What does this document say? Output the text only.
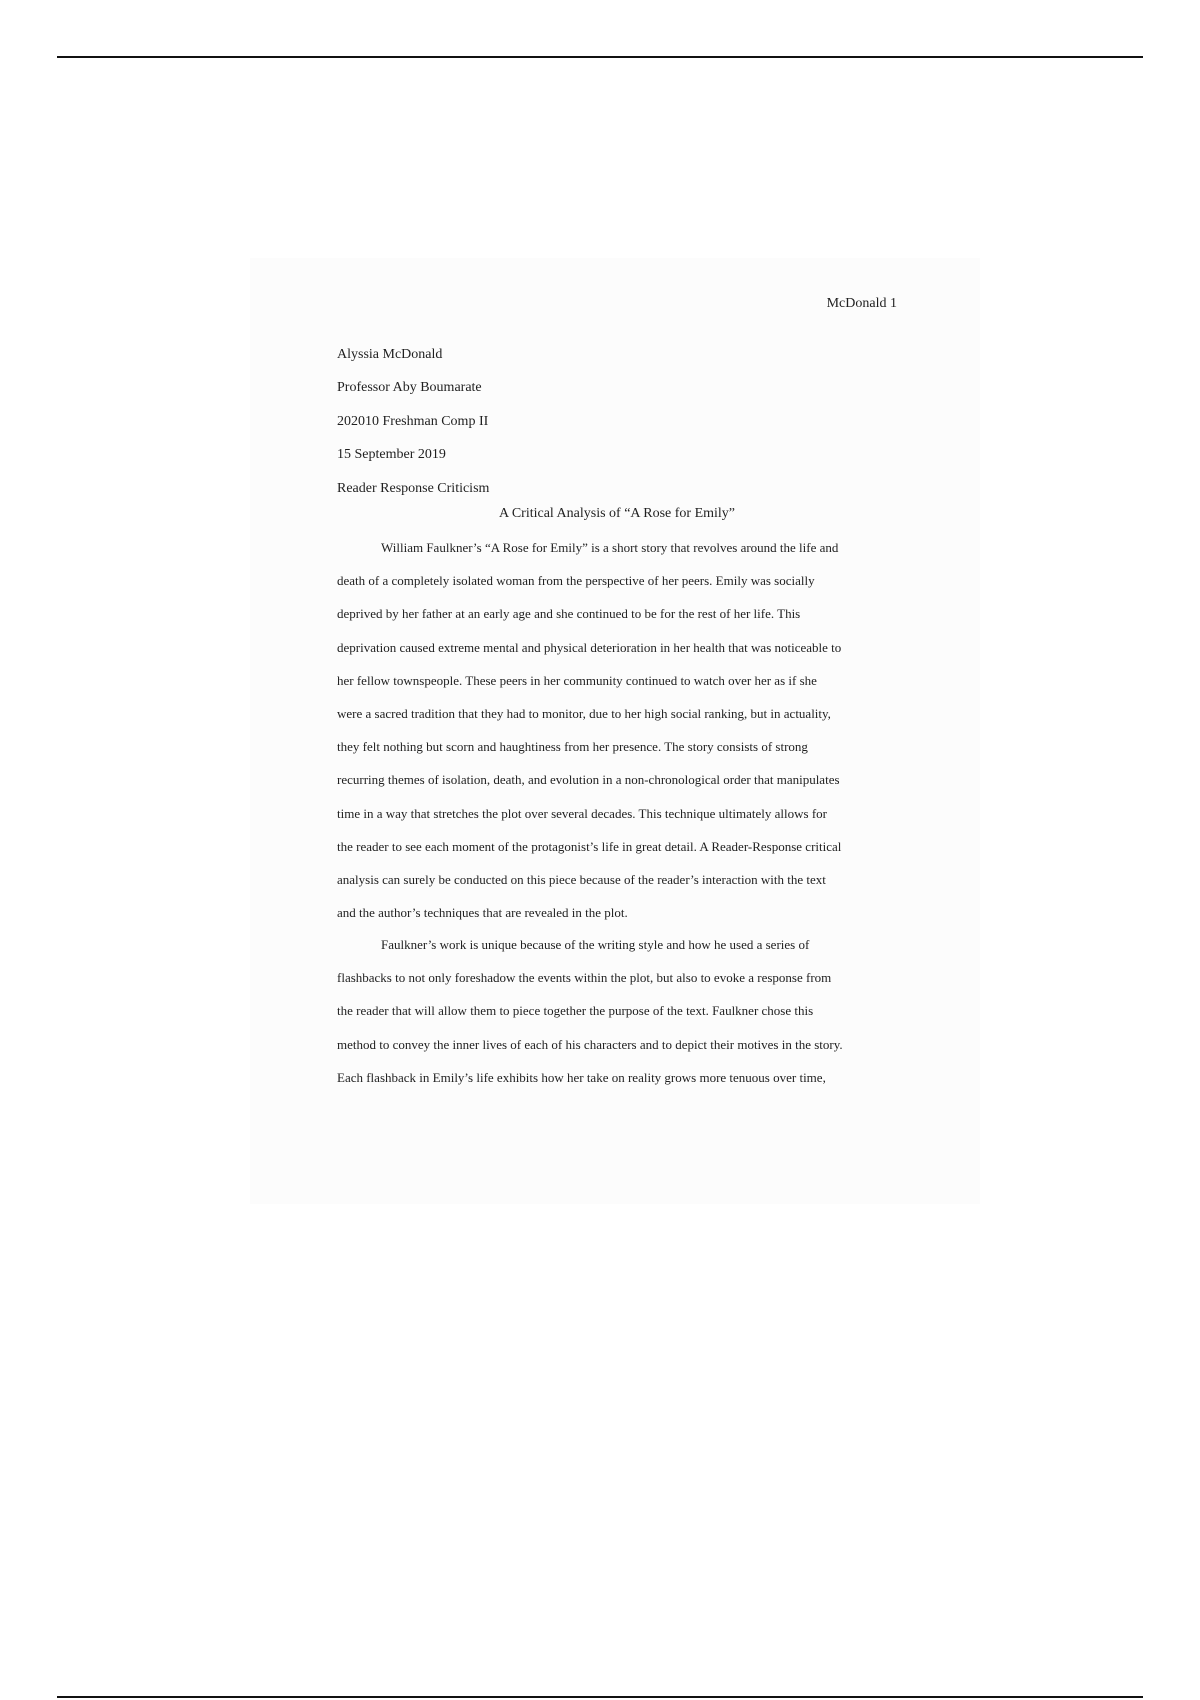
McDonald 1
Alyssia McDonald
Professor Aby Boumarate
202010 Freshman Comp II
15 September 2019
Reader Response Criticism
A Critical Analysis of “A Rose for Emily”
William Faulkner’s “A Rose for Emily” is a short story that revolves around the life and
death of a completely isolated woman from the perspective of her peers. Emily was socially
deprived by her father at an early age and she continued to be for the rest of her life. This
deprivation caused extreme mental and physical deterioration in her health that was noticeable to
her fellow townspeople. These peers in her community continued to watch over her as if she
were a sacred tradition that they had to monitor, due to her high social ranking, but in actuality,
they felt nothing but scorn and haughtiness from her presence. The story consists of strong
recurring themes of isolation, death, and evolution in a non-chronological order that manipulates
time in a way that stretches the plot over several decades. This technique ultimately allows for
the reader to see each moment of the protagonist’s life in great detail. A Reader-Response critical
analysis can surely be conducted on this piece because of the reader’s interaction with the text
and the author’s techniques that are revealed in the plot.
Faulkner’s work is unique because of the writing style and how he used a series of
flashbacks to not only foreshadow the events within the plot, but also to evoke a response from
the reader that will allow them to piece together the purpose of the text. Faulkner chose this
method to convey the inner lives of each of his characters and to depict their motives in the story.
Each flashback in Emily’s life exhibits how her take on reality grows more tenuous over time,
